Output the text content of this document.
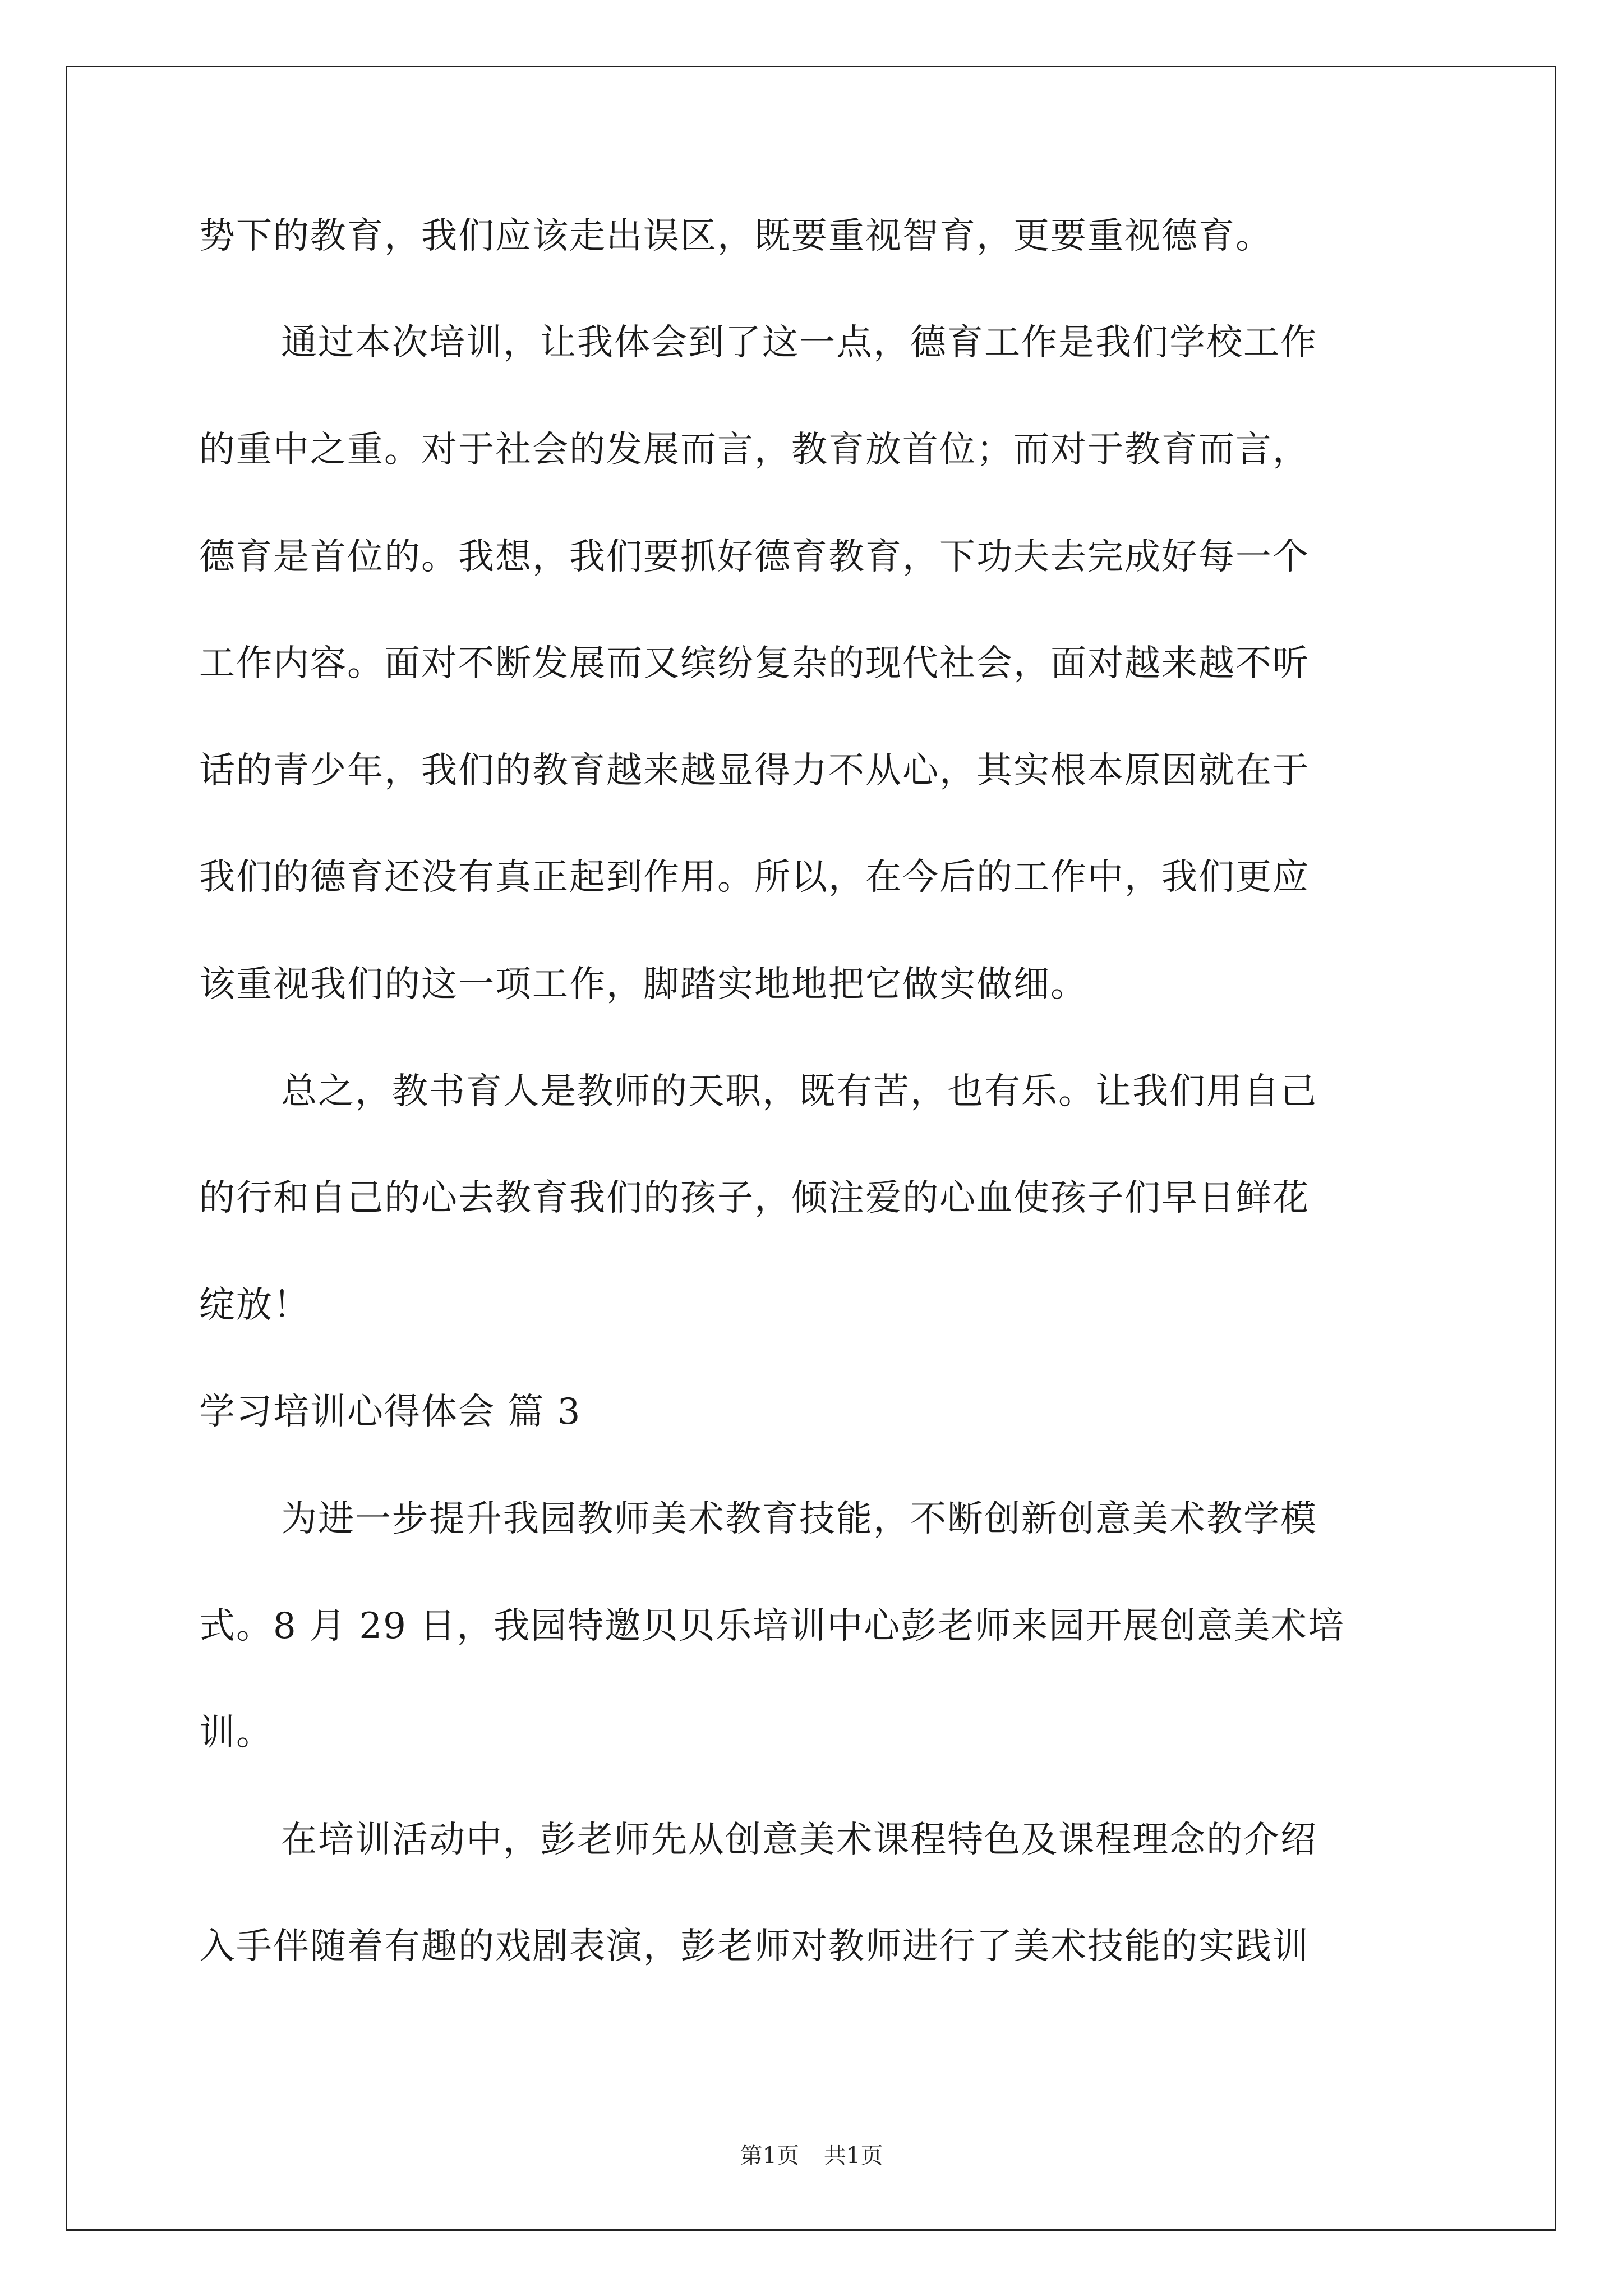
势下的教育，我们应该走出误区，既要重视智育，更要重视德育。
通过本次培训，让我体会到了这一点，德育工作是我们学校工作
的重中之重。对于社会的发展而言，教育放首位；而对于教育而言，
德育是首位的。我想，我们要抓好德育教育，下功夫去完成好每一个
工作内容。面对不断发展而又缤纷复杂的现代社会，面对越来越不听
话的青少年，我们的教育越来越显得力不从心，其实根本原因就在于
我们的德育还没有真正起到作用。所以，在今后的工作中，我们更应
该重视我们的这一项工作，脚踏实地地把它做实做细。
总之，教书育人是教师的天职，既有苦，也有乐。让我们用自己
的行和自己的心去教育我们的孩子，倾注爱的心血使孩子们早日鲜花
绽放！
学习培训心得体会 篇 3
为进一步提升我园教师美术教育技能，不断创新创意美术教学模
式。8 月 29 日，我园特邀贝贝乐培训中心彭老师来园开展创意美术培
训。
在培训活动中，彭老师先从创意美术课程特色及课程理念的介绍
入手伴随着有趣的戏剧表演，彭老师对教师进行了美术技能的实践训
第1页 共1页
